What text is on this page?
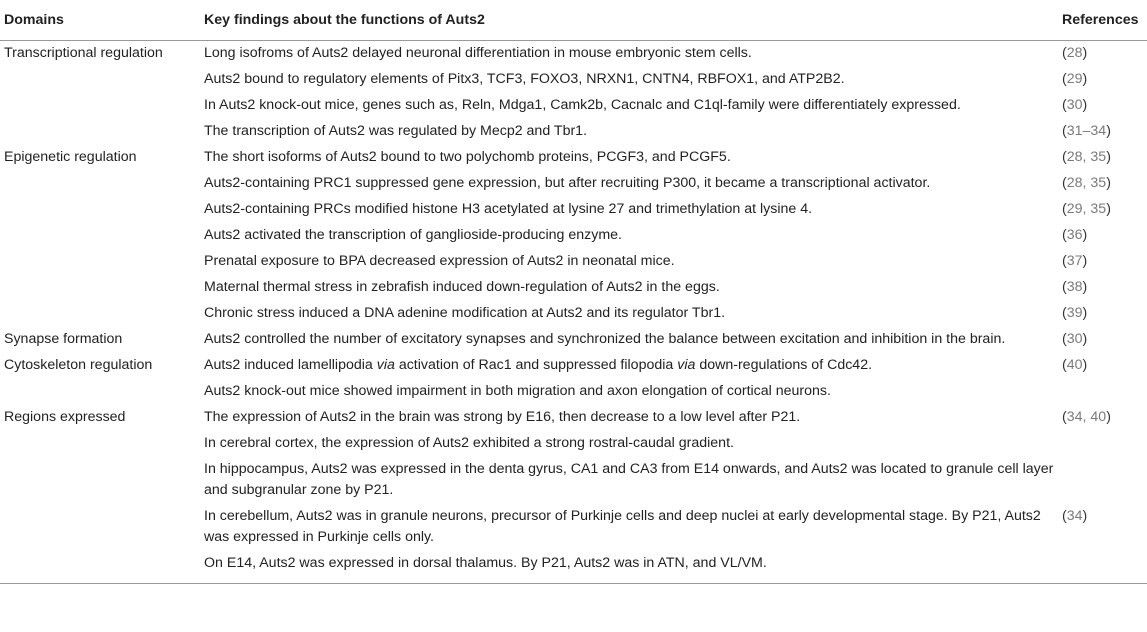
Domains	Key findings about the functions of Auts2	References
Transcriptional regulation	Long isofroms of Auts2 delayed neuronal differentiation in mouse embryonic stem cells.	(28)
	Auts2 bound to regulatory elements of Pitx3, TCF3, FOXO3, NRXN1, CNTN4, RBFOX1, and ATP2B2.	(29)
	In Auts2 knock-out mice, genes such as, Reln, Mdga1, Camk2b, Cacnalc and C1ql-family were differentiately expressed.	(30)
	The transcription of Auts2 was regulated by Mecp2 and Tbr1.	(31–34)
Epigenetic regulation	The short isoforms of Auts2 bound to two polychomb proteins, PCGF3, and PCGF5.	(28, 35)
	Auts2-containing PRC1 suppressed gene expression, but after recruiting P300, it became a transcriptional activator.	(28, 35)
	Auts2-containing PRCs modified histone H3 acetylated at lysine 27 and trimethylation at lysine 4.	(29, 35)
	Auts2 activated the transcription of ganglioside-producing enzyme.	(36)
	Prenatal exposure to BPA decreased expression of Auts2 in neonatal mice.	(37)
	Maternal thermal stress in zebrafish induced down-regulation of Auts2 in the eggs.	(38)
	Chronic stress induced a DNA adenine modification at Auts2 and its regulator Tbr1.	(39)
Synapse formation	Auts2 controlled the number of excitatory synapses and synchronized the balance between excitation and inhibition in the brain.	(30)
Cytoskeleton regulation	Auts2 induced lamellipodia via activation of Rac1 and suppressed filopodia via down-regulations of Cdc42.	(40)
	Auts2 knock-out mice showed impairment in both migration and axon elongation of cortical neurons.	
Regions expressed	The expression of Auts2 in the brain was strong by E16, then decrease to a low level after P21.	(34, 40)
	In cerebral cortex, the expression of Auts2 exhibited a strong rostral-caudal gradient.	
	In hippocampus, Auts2 was expressed in the denta gyrus, CA1 and CA3 from E14 onwards, and Auts2 was located to granule cell layer and subgranular zone by P21.	
	In cerebellum, Auts2 was in granule neurons, precursor of Purkinje cells and deep nuclei at early developmental stage. By P21, Auts2 was expressed in Purkinje cells only.	(34)
	On E14, Auts2 was expressed in dorsal thalamus. By P21, Auts2 was in ATN, and VL/VM.	
